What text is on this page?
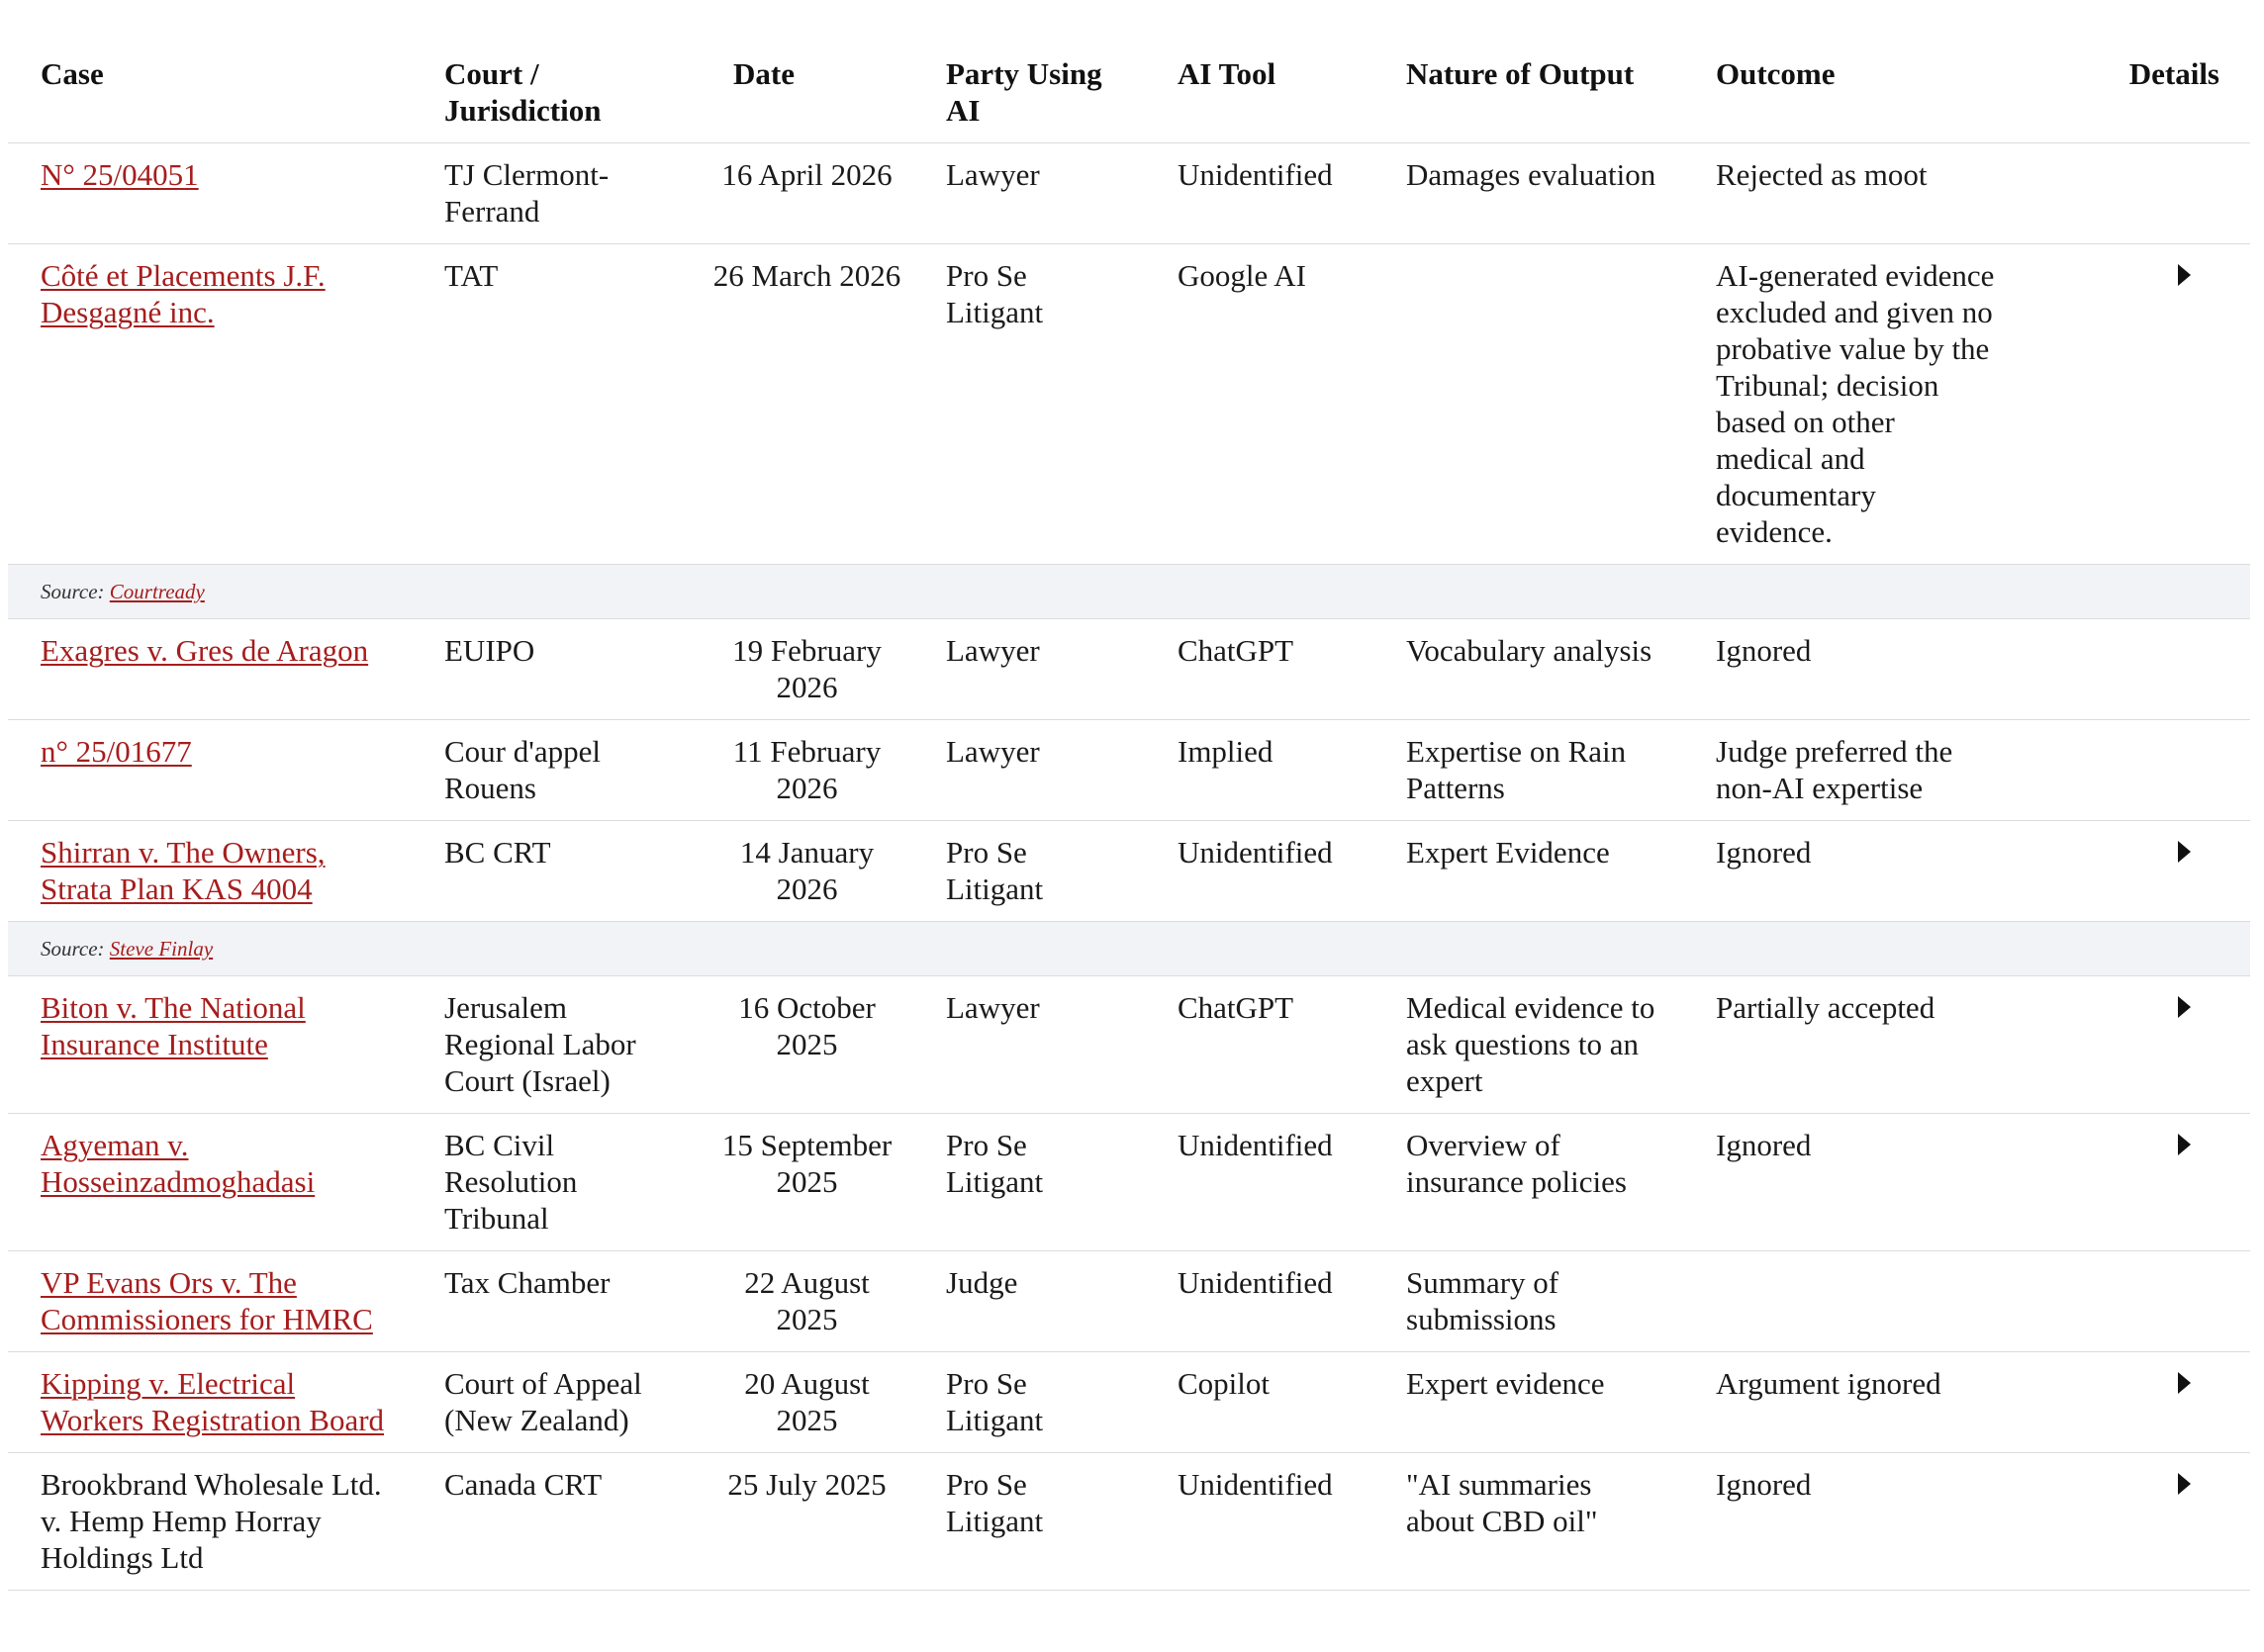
Case	Court / Jurisdiction	Date	Party Using AI	AI Tool	Nature of Output	Outcome	Details
N° 25/04051	TJ Clermont-Ferrand	16 April 2026	Lawyer	Unidentified	Damages evaluation	Rejected as moot	
Côté et Placements J.F. Desgagné inc.	TAT	26 March 2026	Pro Se Litigant	Google AI		AI-generated evidence excluded and given no probative value by the Tribunal; decision based on other medical and documentary evidence.	
Source: Courtready							
Exagres v. Gres de Aragon	EUIPO	19 February 2026	Lawyer	ChatGPT	Vocabulary analysis	Ignored	
n° 25/01677	Cour d'appel Rouens	11 February 2026	Lawyer	Implied	Expertise on Rain Patterns	Judge preferred the non-AI expertise	
Shirran v. The Owners, Strata Plan KAS 4004	BC CRT	14 January 2026	Pro Se Litigant	Unidentified	Expert Evidence	Ignored	
Source: Steve Finlay							
Biton v. The National Insurance Institute	Jerusalem Regional Labor Court (Israel)	16 October 2025	Lawyer	ChatGPT	Medical evidence to ask questions to an expert	Partially accepted	
Agyeman v. Hosseinzadmoghadasi	BC Civil Resolution Tribunal	15 September 2025	Pro Se Litigant	Unidentified	Overview of insurance policies	Ignored	
VP Evans Ors v. The Commissioners for HMRC	Tax Chamber	22 August 2025	Judge	Unidentified	Summary of submissions		
Kipping v. Electrical Workers Registration Board	Court of Appeal (New Zealand)	20 August 2025	Pro Se Litigant	Copilot	Expert evidence	Argument ignored	
Brookbrand Wholesale Ltd. v. Hemp Hemp Horray Holdings Ltd	Canada CRT	25 July 2025	Pro Se Litigant	Unidentified	"AI summaries about CBD oil"	Ignored	
